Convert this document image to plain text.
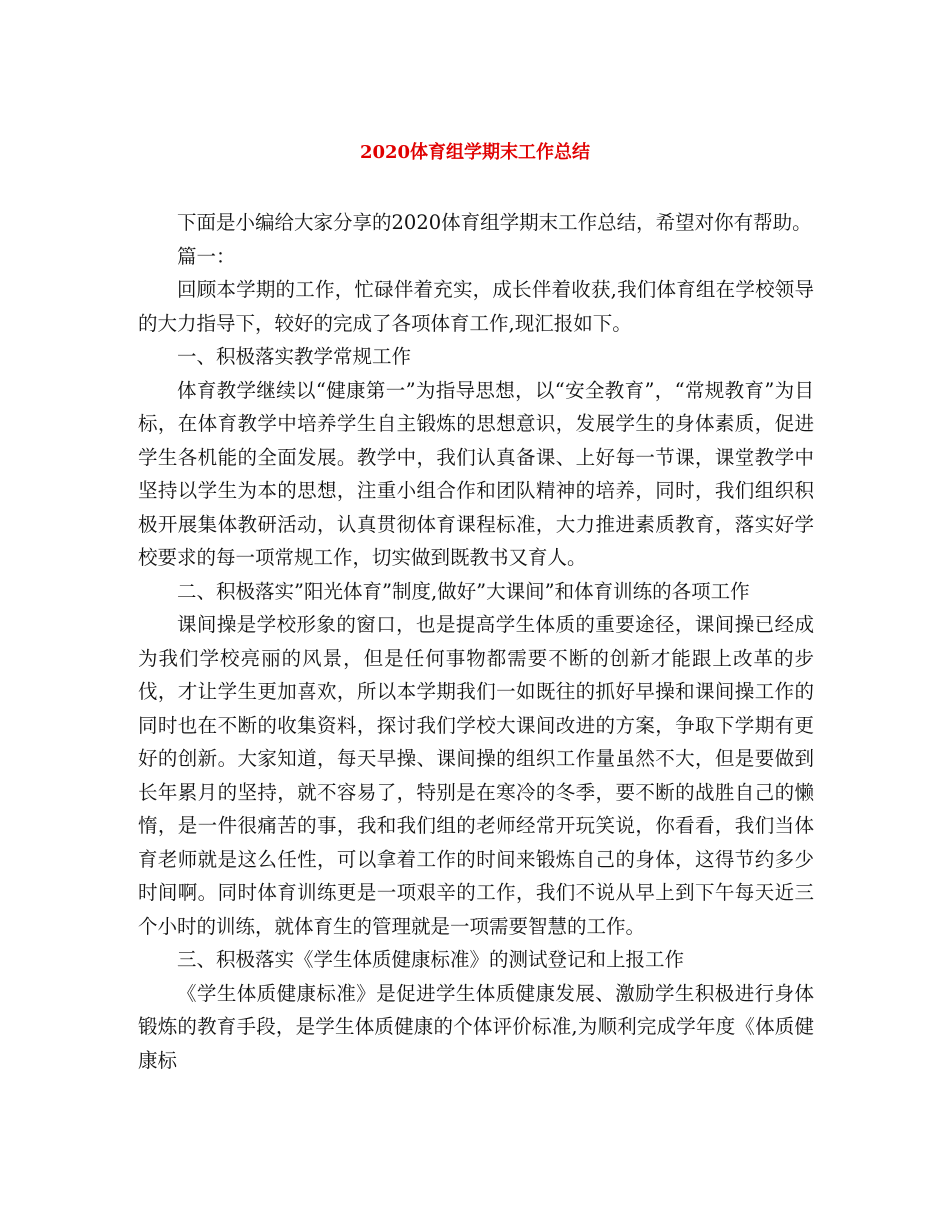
2020体育组学期末工作总结

下面是小编给大家分享的2020体育组学期末工作总结，希望对你有帮助。

篇一：

回顾本学期的工作，忙碌伴着充实，成长伴着收获,我们体育组在学校领导的大力指导下，较好的完成了各项体育工作,现汇报如下。

一、积极落实教学常规工作

体育教学继续以“健康第一”为指导思想，以“安全教育”，“常规教育”为目标，在体育教学中培养学生自主锻炼的思想意识，发展学生的身体素质，促进学生各机能的全面发展。教学中，我们认真备课、上好每一节课，课堂教学中坚持以学生为本的思想，注重小组合作和团队精神的培养，同时，我们组织积极开展集体教研活动，认真贯彻体育课程标准，大力推进素质教育，落实好学校要求的每一项常规工作，切实做到既教书又育人。

二、积极落实”阳光体育”制度,做好”大课间”和体育训练的各项工作

课间操是学校形象的窗口，也是提高学生体质的重要途径，课间操已经成为我们学校亮丽的风景，但是任何事物都需要不断的创新才能跟上改革的步伐，才让学生更加喜欢，所以本学期我们一如既往的抓好早操和课间操工作的同时也在不断的收集资料，探讨我们学校大课间改进的方案，争取下学期有更好的创新。大家知道，每天早操、课间操的组织工作量虽然不大，但是要做到长年累月的坚持，就不容易了，特别是在寒冷的冬季，要不断的战胜自己的懒惰，是一件很痛苦的事，我和我们组的老师经常开玩笑说，你看看，我们当体育老师就是这么任性，可以拿着工作的时间来锻炼自己的身体，这得节约多少时间啊。同时体育训练更是一项艰辛的工作，我们不说从早上到下午每天近三个小时的训练，就体育生的管理就是一项需要智慧的工作。

三、积极落实《学生体质健康标准》的测试登记和上报工作

《学生体质健康标准》是促进学生体质健康发展、激励学生积极进行身体锻炼的教育手段，是学生体质健康的个体评价标准,为顺利完成学年度《体质健康标
